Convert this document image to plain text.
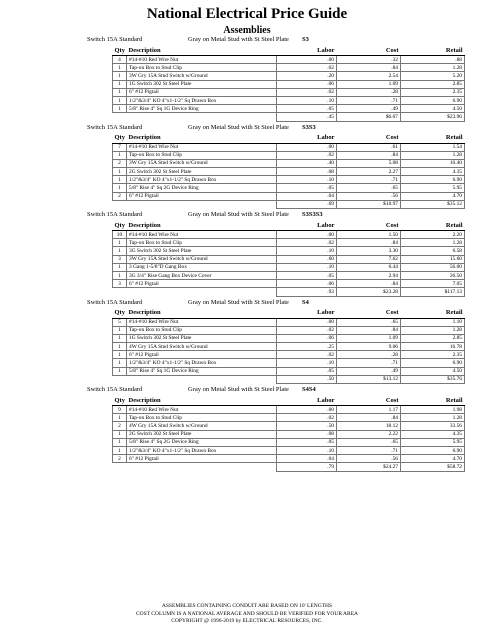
National Electrical Price Guide
Assemblies
Switch 15A Standard	Gray on Metal Stud with St Steel Plate S3
Qty	Description	Labor	Cost	Retail
4	#14-#10 Red Wire Nut	.00	.32	.88
1	Tap-on Box to Stud Clip	.02	.84	1.28
1	3W Gry 15A Stnd Switch w/Ground	.20	2.54	5.20
1	1G Switch 302 St Steel Plate	.06	1.09	2.85
1	6" #12 Pigtail	.02	.28	2.35
1	1/2"&3/4" KO 4"x1-1/2" Sq Drawn Box	.10	.71	6.90
1	5/8" Rise 4" Sq 1G Device Ring	.05	.49	4.50
		.45	$6.07	$23.96
Switch 15A Standard	Gray on Metal Stud with St Steel Plate S3S3
Qty	Description	Labor	Cost	Retail
7	#14-#10 Red Wire Nut	.00	.61	1.54
1	Tap-on Box to Stud Clip	.02	.84	1.28
2	3W Gry 15A Stnd Switch w/Ground	.40	5.08	10.40
1	2G Switch 302 St Steel Plate	.08	2.27	4.35
1	1/2"&3/4" KO 4"x1-1/2" Sq Drawn Box	.10	.71	6.90
1	5/8" Rise 4" Sq 2G Device Ring	.05	.65	5.95
2	6" #12 Pigtail	.04	.56	4.70
		.69	$10.97	$35.12
Switch 15A Standard	Gray on Metal Stud with St Steel Plate S3S3S3
Qty	Description	Labor	Cost	Retail
10	#14-#10 Red Wire Nut	.00	1.50	2.20
1	Tap-on Box to Stud Clip	.02	.84	1.28
1	3G Switch 302 St Steel Plate	.10	3.30	6.58
3	3W Gry 15A Stnd Switch w/Ground	.60	7.62	15.60
1	3 Gang 1-5/8"D Gang Box	.10	6.44	56.00
1	3G 3/4" Rise Gang Box Device Cover	.05	2.94	26.50
3	6" #12 Pigtail	.06	.84	7.05
		.93	$23.28	$117.13
Switch 15A Standard	Gray on Metal Stud with St Steel Plate S4
Qty	Description	Labor	Cost	Retail
5	#14-#10 Red Wire Nut	.00	.65	1.10
1	Tap-on Box to Stud Clip	.02	.84	1.28
1	1G Switch 302 St Steel Plate	.06	1.09	2.85
1	4W Gry 15A Stnd Switch w/Ground	.25	9.06	16.78
1	6" #12 Pigtail	.02	.28	2.35
1	1/2"&3/4" KO 4"x1-1/2" Sq Drawn Box	.10	.71	6.90
1	5/8" Rise 4" Sq 1G Device Ring	.05	.49	4.50
		.50	$13.12	$35.76
Switch 15A Standard	Gray on Metal Stud with St Steel Plate S4S4
Qty	Description	Labor	Cost	Retail
9	#14-#10 Red Wire Nut	.00	1.17	1.98
1	Tap-on Box to Stud Clip	.02	.84	1.28
2	4W Gry 15A Stnd Switch w/Ground	.50	18.12	33.56
1	2G Switch 302 St Steel Plate	.08	2.22	4.35
1	5/8" Rise 4" Sq 2G Device Ring	.05	.65	5.95
1	1/2"&3/4" KO 4"x1-1/2" Sq Drawn Box	.10	.71	6.90
2	6" #12 Pigtail	.04	.56	4.70
		.79	$24.27	$58.72
ASSEMBLIES CONTAINING CONDUIT ARE BASED ON 10' LENGTHS
COST COLUMN IS A NATIONAL AVERAGE AND SHOULD BE VERIFIED FOR YOUR AREA
COPYRIGHT @ 1996-2019 by ELECTRICAL RESOURCES, INC.
